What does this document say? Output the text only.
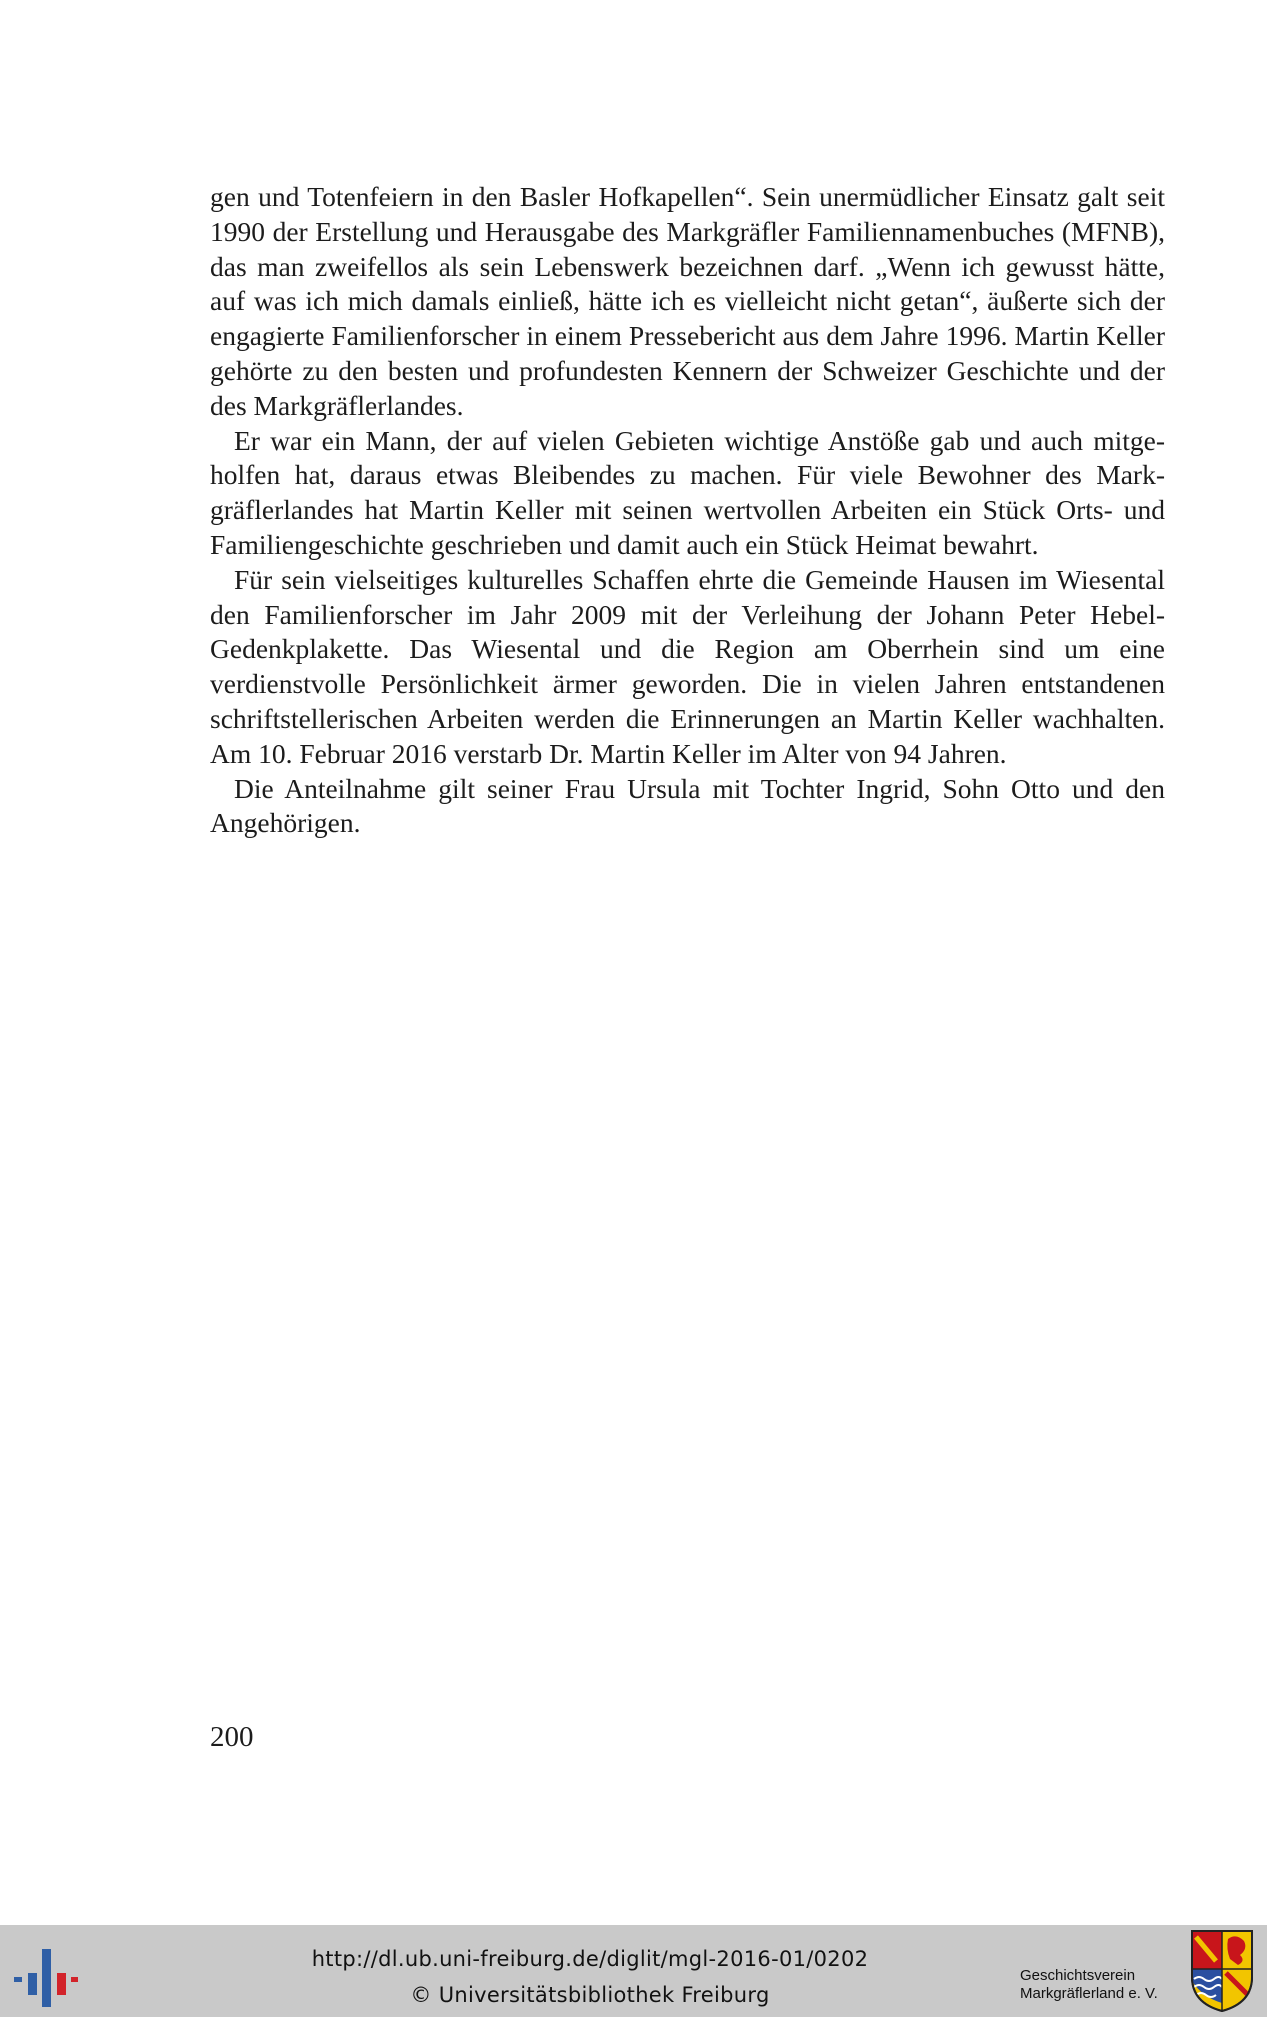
gen und Totenfeiern in den Basler Hofkapellen“. Sein unermüdlicher Einsatz galt seit 1990 der Erstellung und Herausgabe des Markgräfler Familiennamenbuches (MFNB), das man zweifellos als sein Lebenswerk bezeichnen darf. „Wenn ich gewusst hätte, auf was ich mich damals einließ, hätte ich es vielleicht nicht getan“, äußerte sich der engagierte Familienforscher in einem Pressebericht aus dem Jahre 1996. Martin Keller gehörte zu den besten und profundesten Kennern der Schweizer Geschichte und der des Markgräflerlandes.

Er war ein Mann, der auf vielen Gebieten wichtige Anstöße gab und auch mitgeholfen hat, daraus etwas Bleibendes zu machen. Für viele Bewohner des Markgräflerlandes hat Martin Keller mit seinen wertvollen Arbeiten ein Stück Orts- und Familiengeschichte geschrieben und damit auch ein Stück Heimat bewahrt.

Für sein vielseitiges kulturelles Schaffen ehrte die Gemeinde Hausen im Wiesental den Familienforscher im Jahr 2009 mit der Verleihung der Johann Peter Hebel-Gedenkplakette. Das Wiesental und die Region am Oberrhein sind um eine verdienstvolle Persönlichkeit ärmer geworden. Die in vielen Jahren entstandenen schriftstellerischen Arbeiten werden die Erinnerungen an Martin Keller wachhalten. Am 10. Februar 2016 verstarb Dr. Martin Keller im Alter von 94 Jahren.

Die Anteilnahme gilt seiner Frau Ursula mit Tochter Ingrid, Sohn Otto und den Angehörigen.

200
http://dl.ub.uni-freiburg.de/diglit/mgl-2016-01/0202
© Universitätsbibliothek Freiburg
Geschichtsverein
Markgräflerland e. V.
